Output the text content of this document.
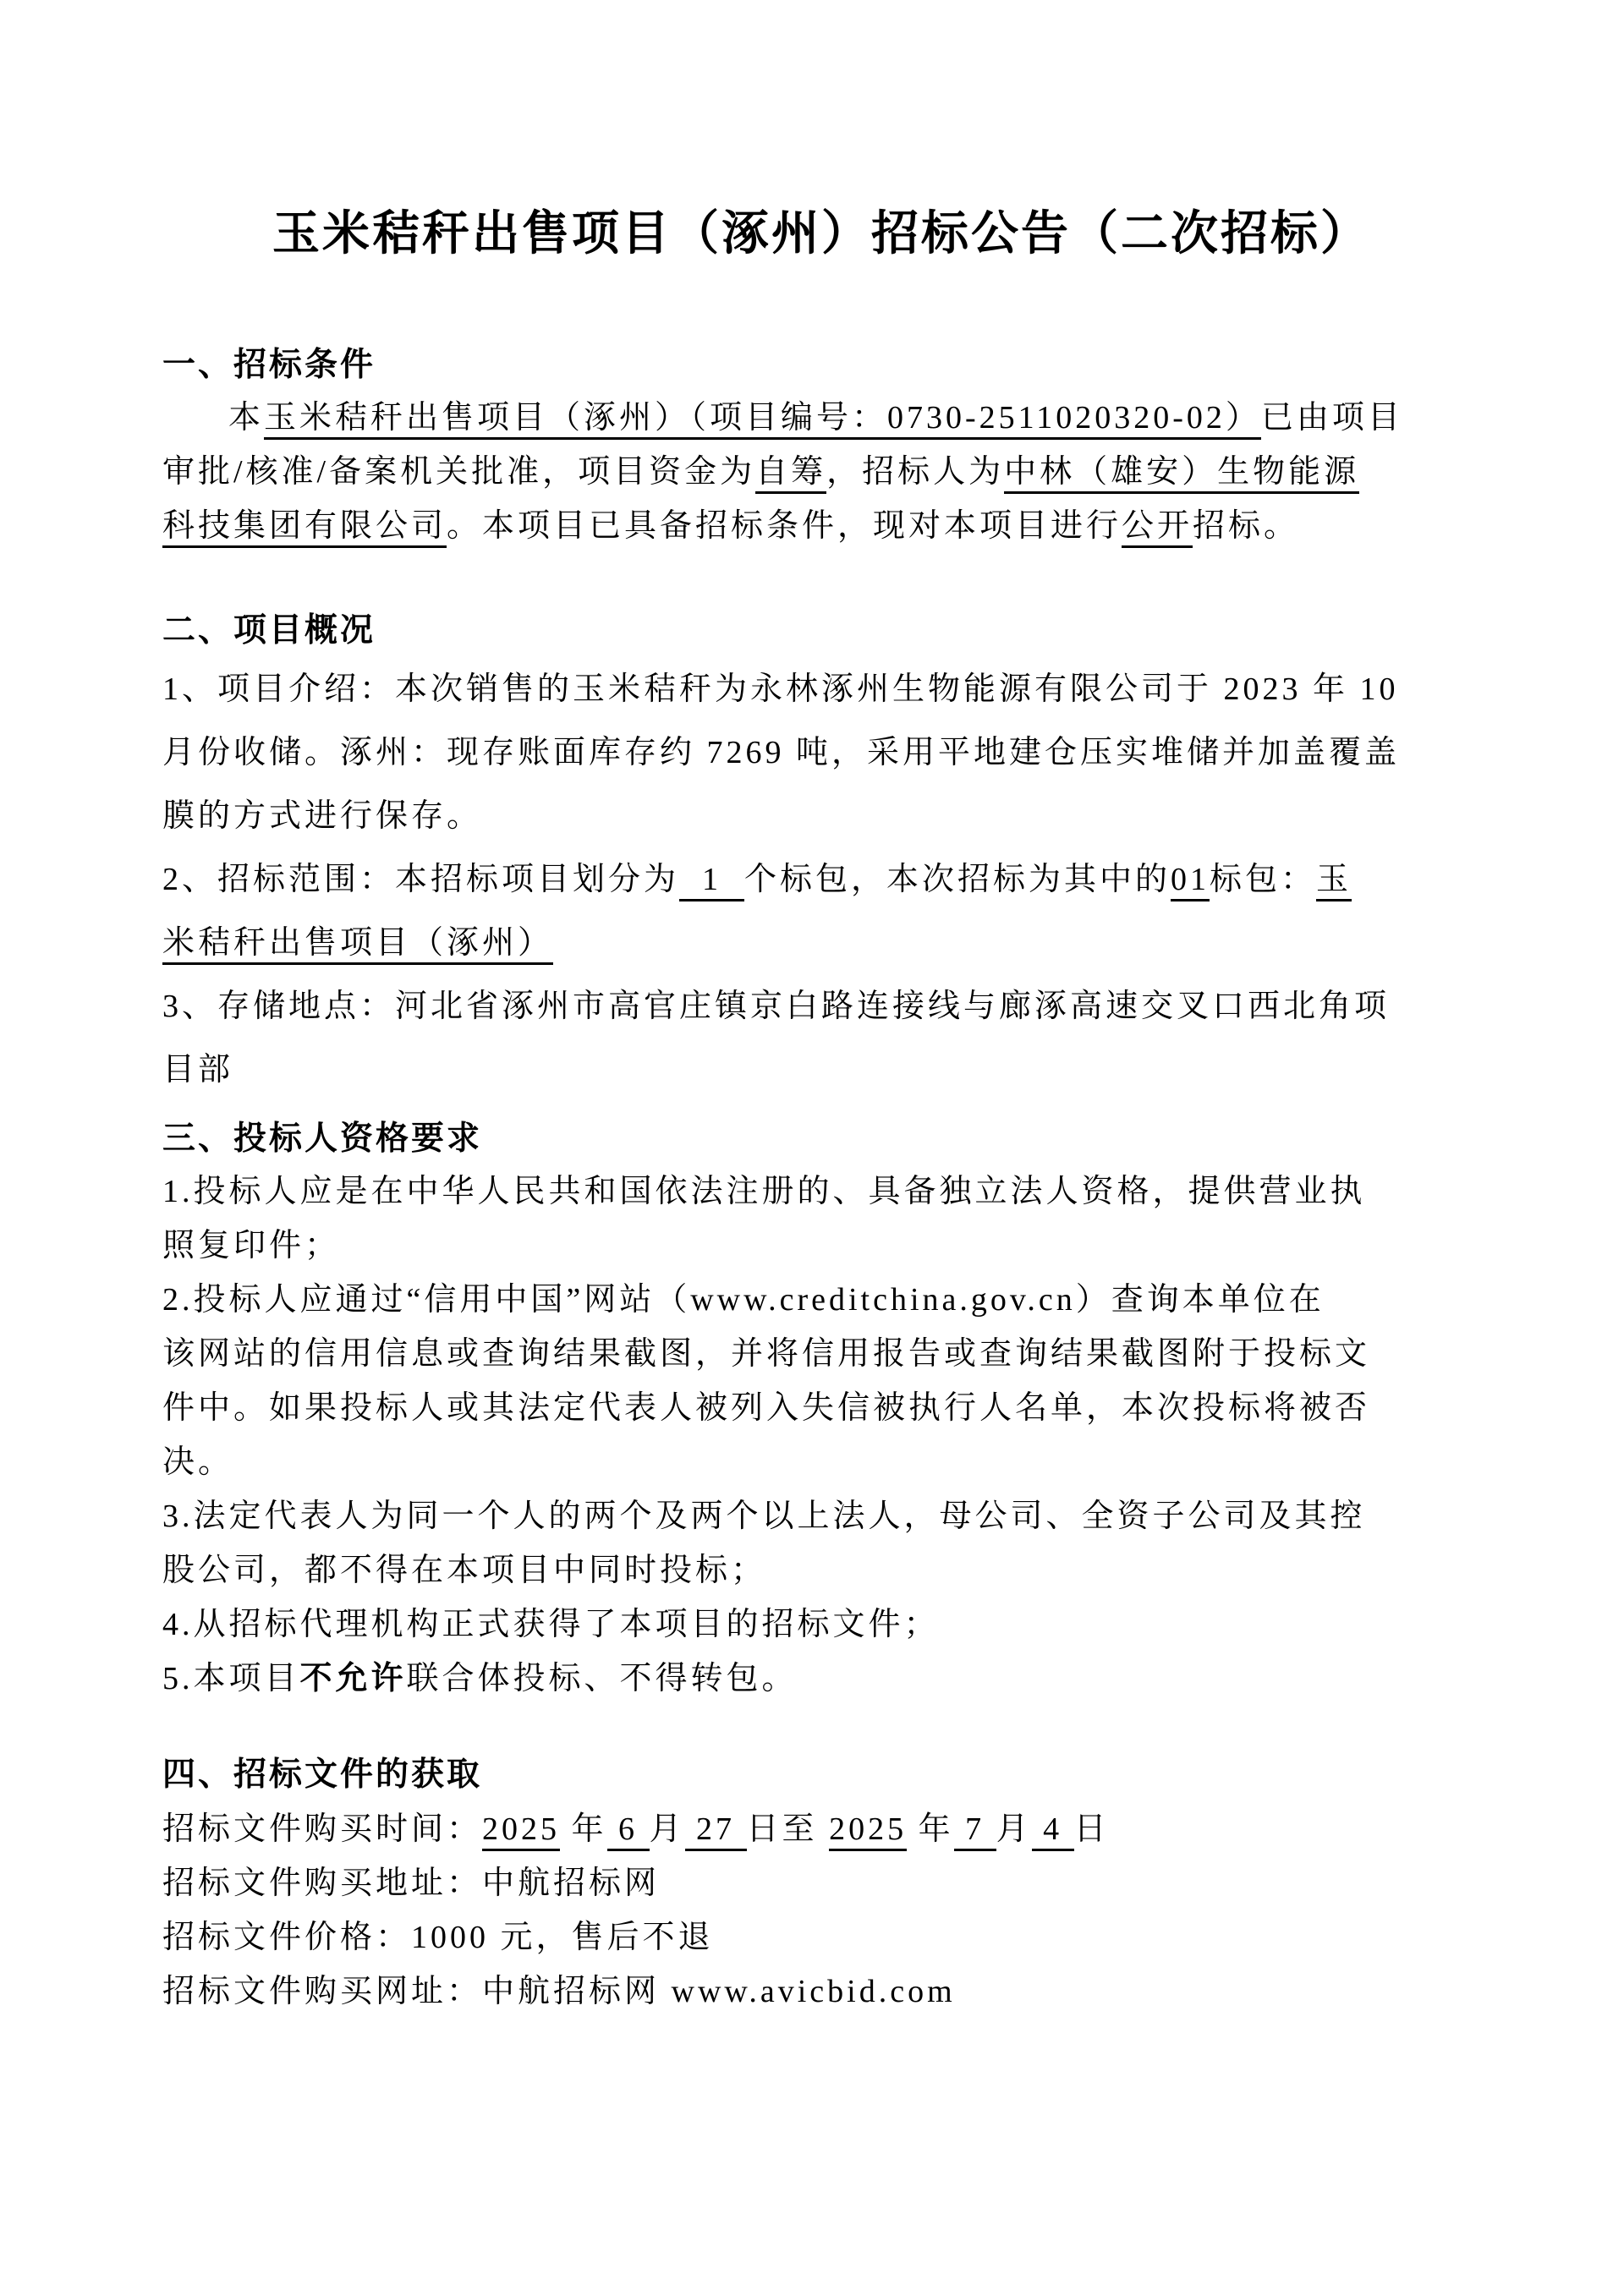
玉米秸秆出售项目（涿州）招标公告（二次招标）
一、招标条件
本玉米秸秆出售项目（涿州）（项目编号：0730-2511020320-02）已由项目
审批/核准/备案机关批准，项目资金为自筹，招标人为中林（雄安）生物能源
科技集团有限公司。本项目已具备招标条件，现对本项目进行公开招标。
二、项目概况
1、项目介绍：本次销售的玉米秸秆为永林涿州生物能源有限公司于 2023 年 10
月份收储。涿州：现存账面库存约 7269 吨，采用平地建仓压实堆储并加盖覆盖
膜的方式进行保存。
2、招标范围：本招标项目划分为  1  个标包，本次招标为其中的01标包：玉
米秸秆出售项目（涿州）
3、存储地点：河北省涿州市高官庄镇京白路连接线与廊涿高速交叉口西北角项
目部
三、投标人资格要求
1.投标人应是在中华人民共和国依法注册的、具备独立法人资格，提供营业执
照复印件；
2.投标人应通过“信用中国”网站（www.creditchina.gov.cn）查询本单位在
该网站的信用信息或查询结果截图，并将信用报告或查询结果截图附于投标文
件中。如果投标人或其法定代表人被列入失信被执行人名单，本次投标将被否
决。
3.法定代表人为同一个人的两个及两个以上法人，母公司、全资子公司及其控
股公司，都不得在本项目中同时投标；
4.从招标代理机构正式获得了本项目的招标文件；
5.本项目不允许联合体投标、不得转包。
四、招标文件的获取
招标文件购买时间：2025 年 6 月 27 日至 2025 年 7 月 4 日
招标文件购买地址：中航招标网
招标文件价格：1000 元，售后不退
招标文件购买网址：中航招标网 www.avicbid.com
